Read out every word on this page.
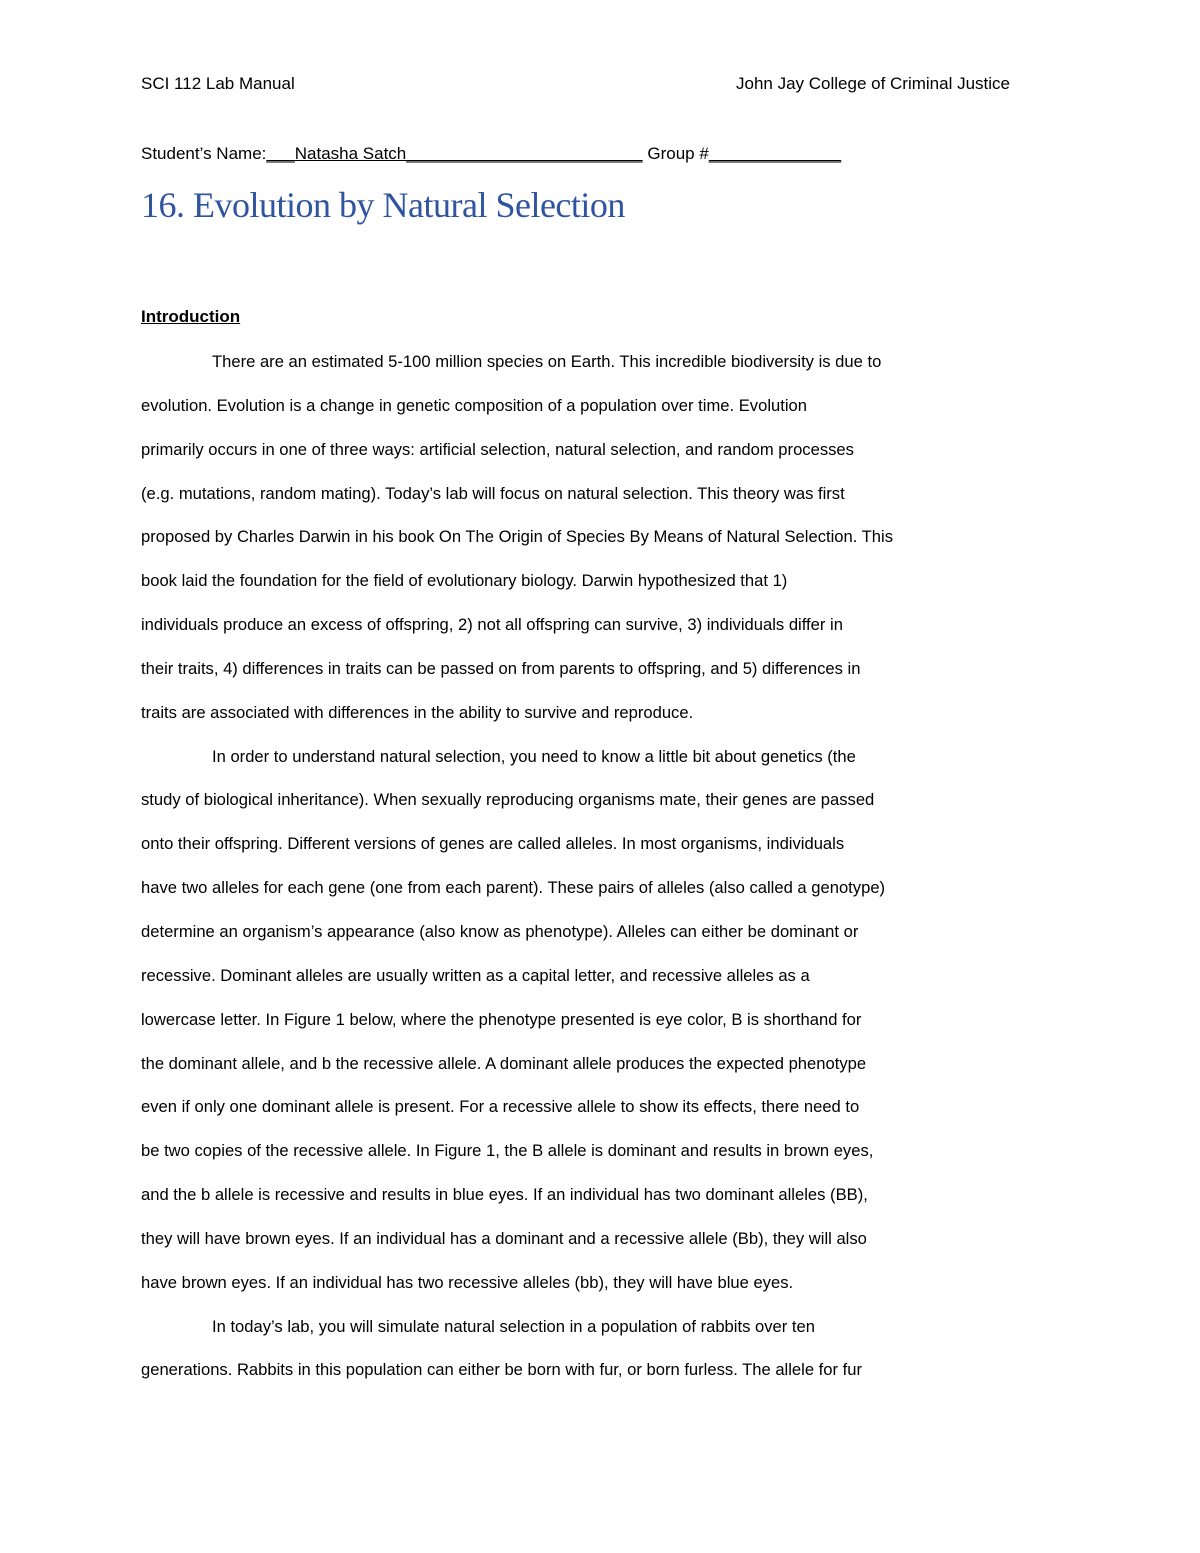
SCI 112 Lab Manual	John Jay College of Criminal Justice
Student’s Name:___Natasha Satch_________________________ Group #______________
16. Evolution by Natural Selection
Introduction
There are an estimated 5-100 million species on Earth. This incredible biodiversity is due to
evolution. Evolution is a change in genetic composition of a population over time. Evolution
primarily occurs in one of three ways: artificial selection, natural selection, and random processes
(e.g. mutations, random mating). Today’s lab will focus on natural selection. This theory was first
proposed by Charles Darwin in his book On The Origin of Species By Means of Natural Selection. This
book laid the foundation for the field of evolutionary biology. Darwin hypothesized that 1)
individuals produce an excess of offspring, 2) not all offspring can survive, 3) individuals differ in
their traits, 4) differences in traits can be passed on from parents to offspring, and 5) differences in
traits are associated with differences in the ability to survive and reproduce.
In order to understand natural selection, you need to know a little bit about genetics (the
study of biological inheritance). When sexually reproducing organisms mate, their genes are passed
onto their offspring. Different versions of genes are called alleles. In most organisms, individuals
have two alleles for each gene (one from each parent). These pairs of alleles (also called a genotype)
determine an organism’s appearance (also know as phenotype). Alleles can either be dominant or
recessive. Dominant alleles are usually written as a capital letter, and recessive alleles as a
lowercase letter. In Figure 1 below, where the phenotype presented is eye color, B is shorthand for
the dominant allele, and b the recessive allele. A dominant allele produces the expected phenotype
even if only one dominant allele is present. For a recessive allele to show its effects, there need to
be two copies of the recessive allele. In Figure 1, the B allele is dominant and results in brown eyes,
and the b allele is recessive and results in blue eyes. If an individual has two dominant alleles (BB),
they will have brown eyes. If an individual has a dominant and a recessive allele (Bb), they will also
have brown eyes. If an individual has two recessive alleles (bb), they will have blue eyes.
In today’s lab, you will simulate natural selection in a population of rabbits over ten
generations. Rabbits in this population can either be born with fur, or born furless. The allele for fur
